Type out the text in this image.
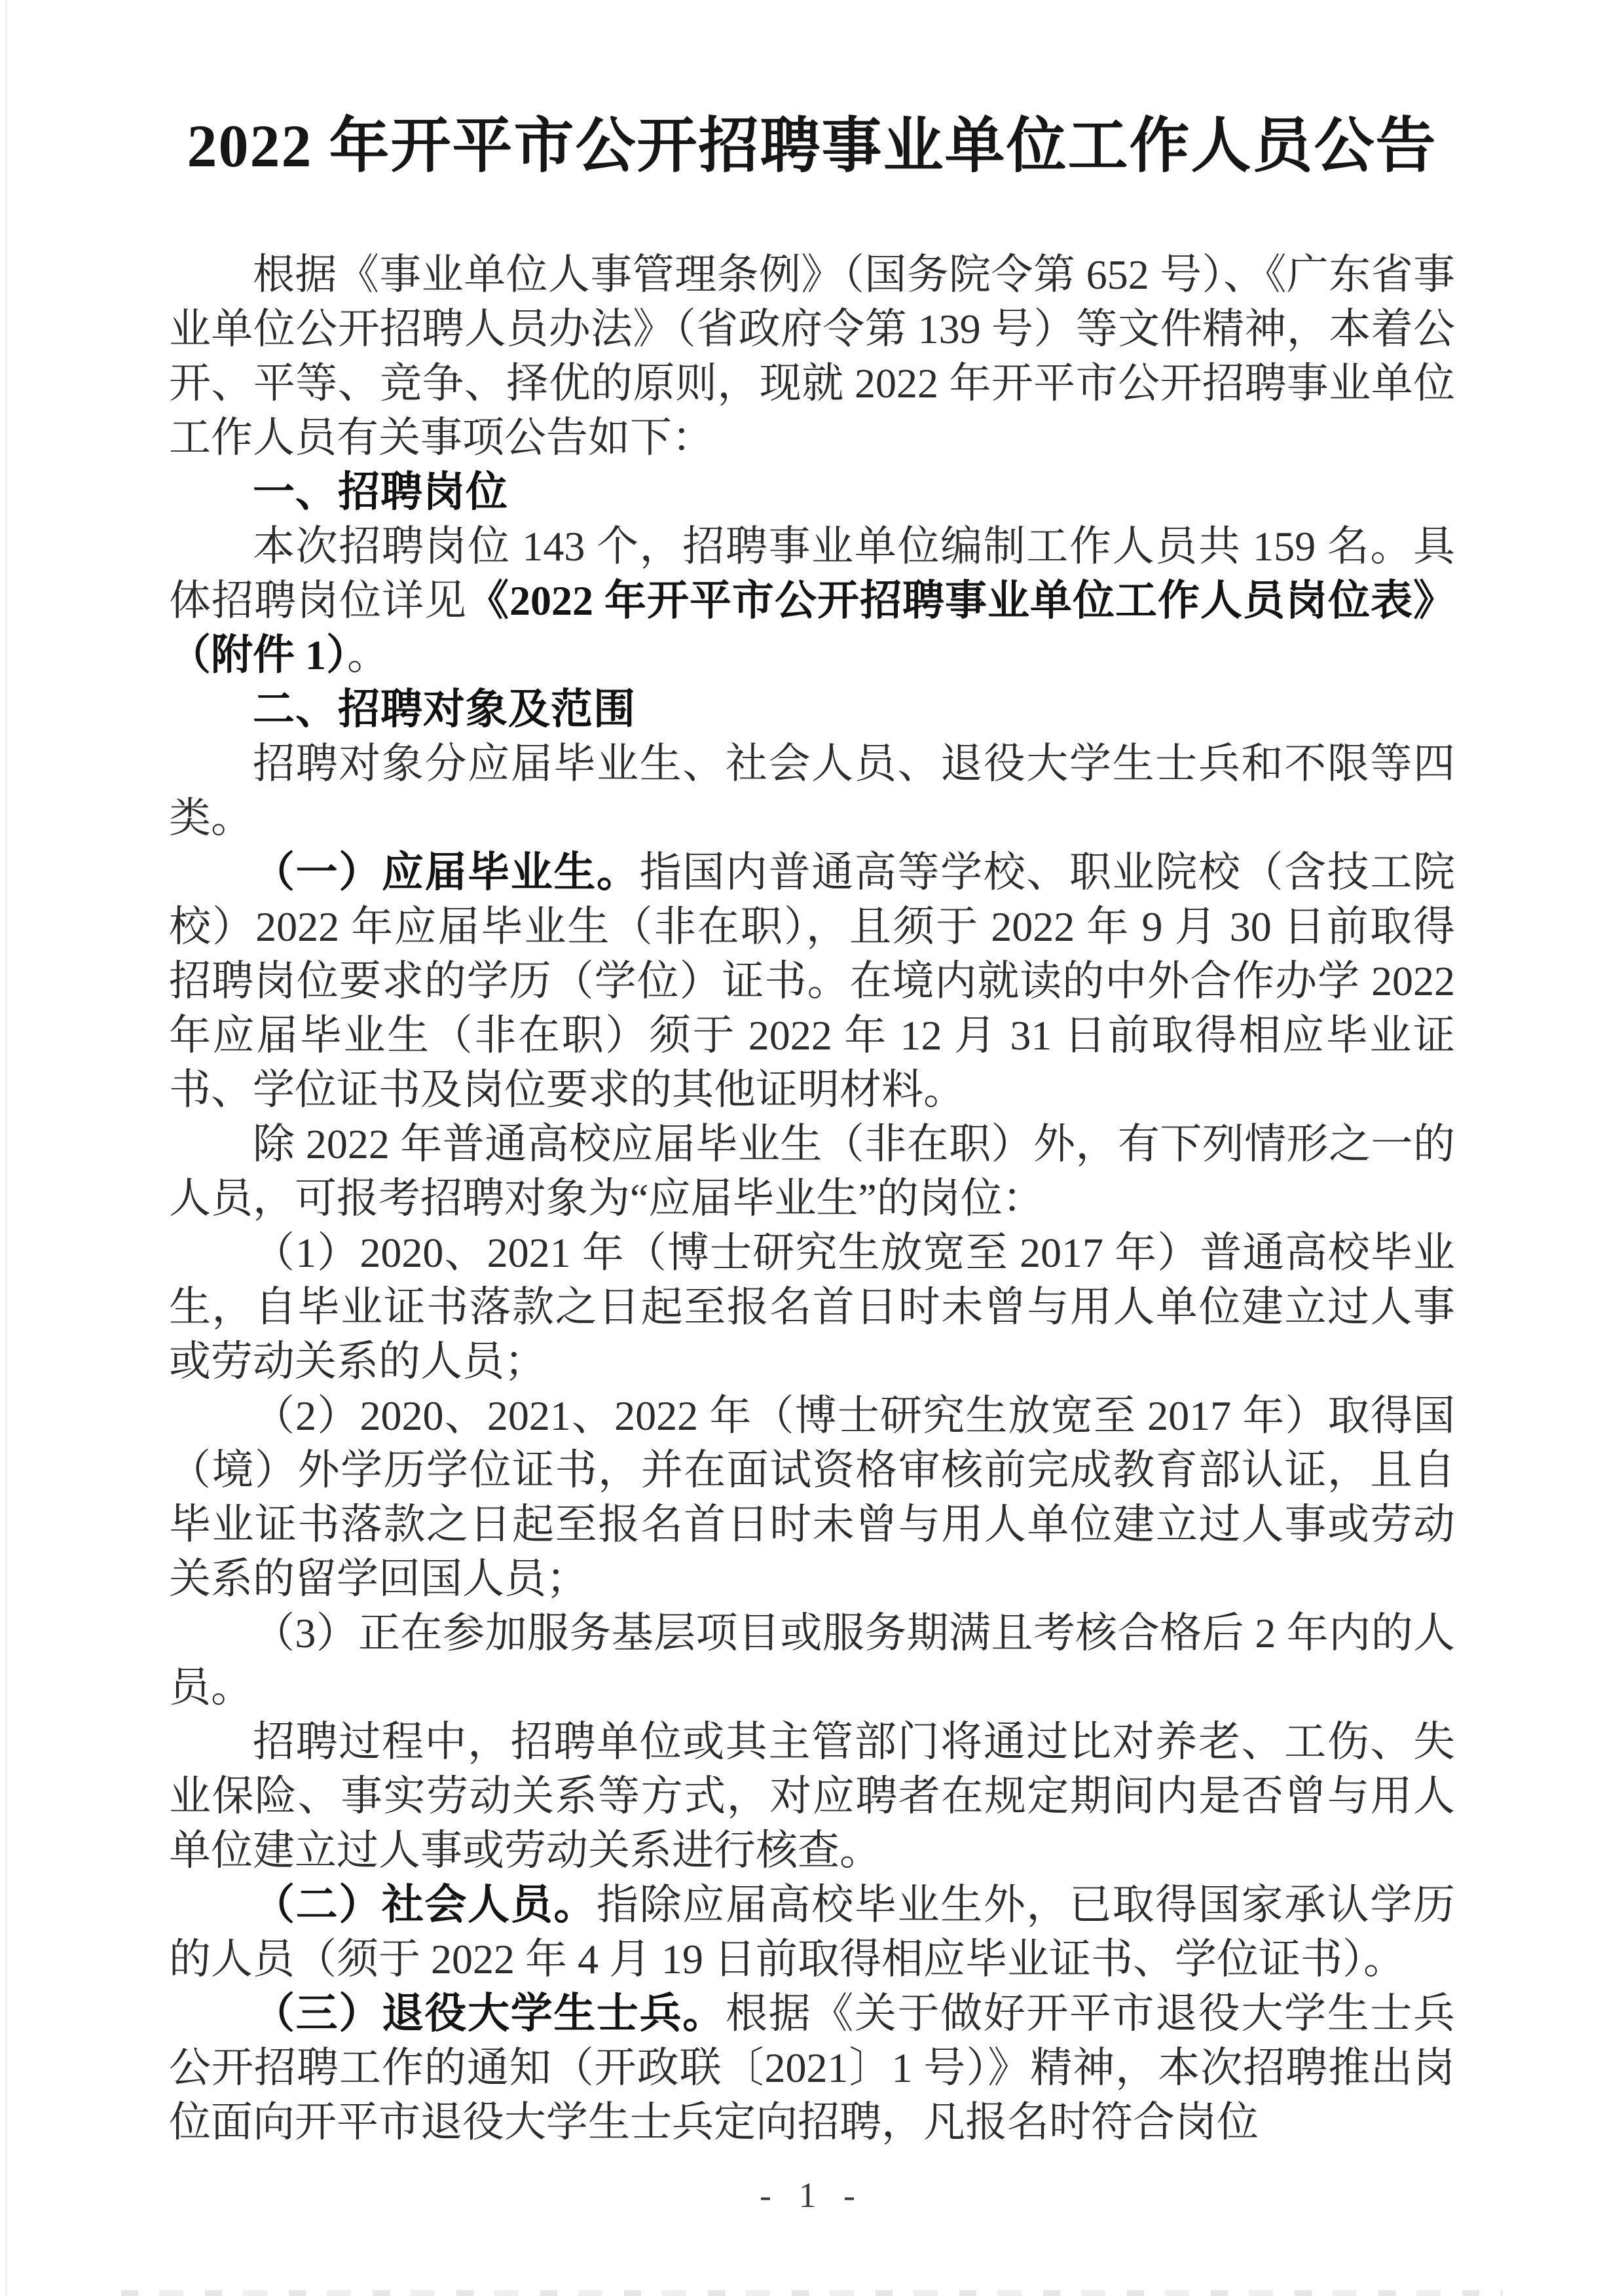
2022 年开平市公开招聘事业单位工作人员公告

根据《事业单位人事管理条例》（国务院令第 652 号）、《广东省事业单位公开招聘人员办法》（省政府令第 139 号）等文件精神，本着公开、平等、竞争、择优的原则，现就 2022 年开平市公开招聘事业单位工作人员有关事项公告如下：

一、招聘岗位

本次招聘岗位 143 个，招聘事业单位编制工作人员共 159 名。具体招聘岗位详见《2022 年开平市公开招聘事业单位工作人员岗位表》（附件 1）。

二、招聘对象及范围

招聘对象分应届毕业生、社会人员、退役大学生士兵和不限等四类。

（一）应届毕业生。指国内普通高等学校、职业院校（含技工院校）2022 年应届毕业生（非在职），且须于 2022 年 9 月 30 日前取得招聘岗位要求的学历（学位）证书。在境内就读的中外合作办学 2022 年应届毕业生（非在职）须于 2022 年 12 月 31 日前取得相应毕业证书、学位证书及岗位要求的其他证明材料。

除 2022 年普通高校应届毕业生（非在职）外，有下列情形之一的人员，可报考招聘对象为“应届毕业生”的岗位：

（1）2020、2021 年（博士研究生放宽至 2017 年）普通高校毕业生，自毕业证书落款之日起至报名首日时未曾与用人单位建立过人事或劳动关系的人员；

（2）2020、2021、2022 年（博士研究生放宽至 2017 年）取得国（境）外学历学位证书，并在面试资格审核前完成教育部认证，且自毕业证书落款之日起至报名首日时未曾与用人单位建立过人事或劳动关系的留学回国人员；

（3）正在参加服务基层项目或服务期满且考核合格后 2 年内的人员。

招聘过程中，招聘单位或其主管部门将通过比对养老、工伤、失业保险、事实劳动关系等方式，对应聘者在规定期间内是否曾与用人单位建立过人事或劳动关系进行核查。

（二）社会人员。指除应届高校毕业生外，已取得国家承认学历的人员（须于 2022 年 4 月 19 日前取得相应毕业证书、学位证书）。

（三）退役大学生士兵。根据《关于做好开平市退役大学生士兵公开招聘工作的通知（开政联〔2021〕1 号）》精神，本次招聘推出岗位面向开平市退役大学生士兵定向招聘，凡报名时符合岗位

- 1 -
